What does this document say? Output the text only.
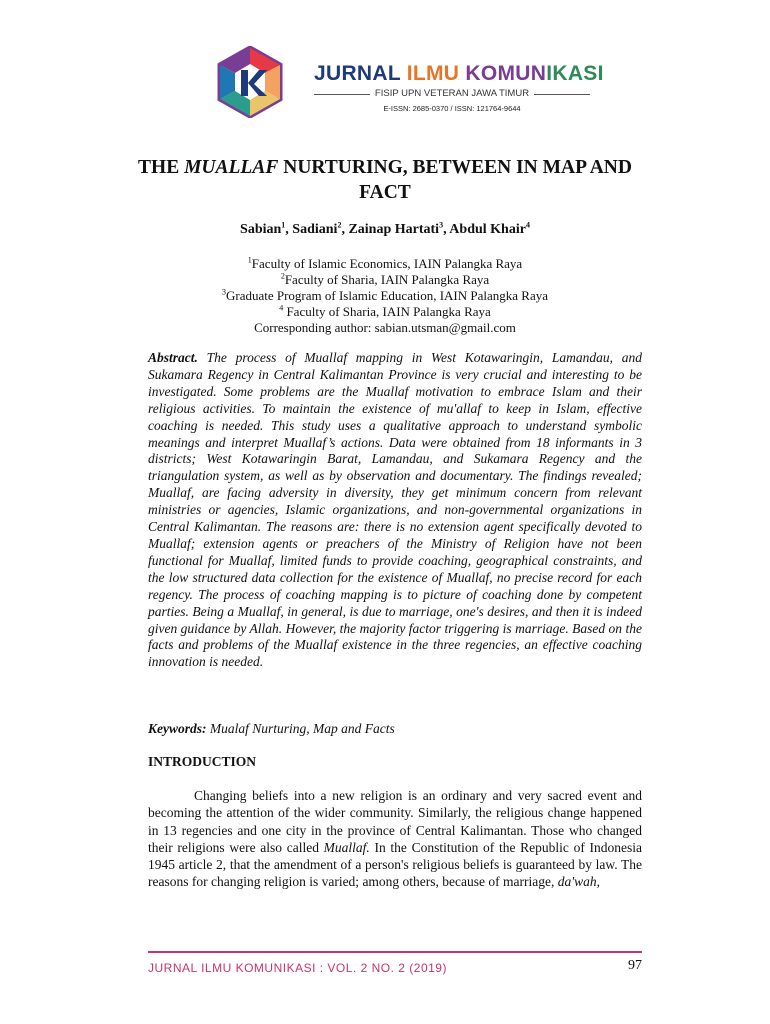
JURNAL ILMU KOMUNIKASI
FISIP UPN VETERAN JAWA TIMUR
E-ISSN: 2685-0370 / ISSN: 121764-9644
THE MUALLAF NURTURING, BETWEEN IN MAP AND FACT
Sabian$^1$, Sadiani$^2$, Zainap Hartati$^3$, Abdul Khair$^4$
$^1$Faculty of Islamic Economics, IAIN Palangka Raya
$^2$Faculty of Sharia, IAIN Palangka Raya
$^3$Graduate Program of Islamic Education, IAIN Palangka Raya
$^4$ Faculty of Sharia, IAIN Palangka Raya
Corresponding author: sabian.utsman@gmail.com
Abstract. The process of Muallaf mapping in West Kotawaringin, Lamandau, and Sukamara Regency in Central Kalimantan Province is very crucial and interesting to be investigated. Some problems are the Muallaf motivation to embrace Islam and their religious activities. To maintain the existence of mu'allaf to keep in Islam, effective coaching is needed. This study uses a qualitative approach to understand symbolic meanings and interpret Muallaf’s actions. Data were obtained from 18 informants in 3 districts; West Kotawaringin Barat, Lamandau, and Sukamara Regency and the triangulation system, as well as by observation and documentary. The findings revealed; Muallaf, are facing adversity in diversity, they get minimum concern from relevant ministries or agencies, Islamic organizations, and non-governmental organizations in Central Kalimantan. The reasons are: there is no extension agent specifically devoted to Muallaf; extension agents or preachers of the Ministry of Religion have not been functional for Muallaf, limited funds to provide coaching, geographical constraints, and the low structured data collection for the existence of Muallaf, no precise record for each regency. The process of coaching mapping is to picture of coaching done by competent parties. Being a Muallaf, in general, is due to marriage, one's desires, and then it is indeed given guidance by Allah. However, the majority factor triggering is marriage. Based on the facts and problems of the Muallaf existence in the three regencies, an effective coaching innovation is needed.
Keywords: Mualaf Nurturing, Map and Facts
INTRODUCTION
Changing beliefs into a new religion is an ordinary and very sacred event and becoming the attention of the wider community. Similarly, the religious change happened in 13 regencies and one city in the province of Central Kalimantan. Those who changed their religions were also called Muallaf. In the Constitution of the Republic of Indonesia 1945 article 2, that the amendment of a person's religious beliefs is guaranteed by law. The reasons for changing religion is varied; among others, because of marriage, da'wah,
JURNAL ILMU KOMUNIKASI : VOL. 2 NO. 2 (2019)	97
